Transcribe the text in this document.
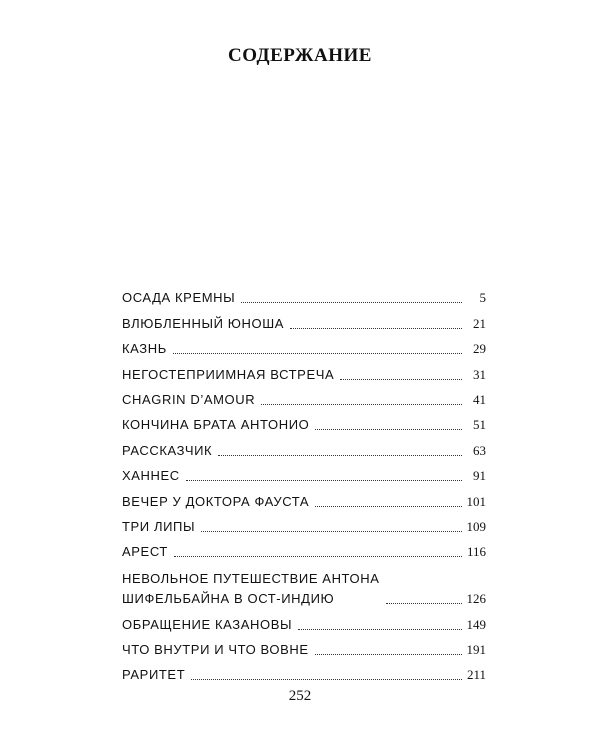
СОДЕРЖАНИЕ
ОСАДА КРЕМНЫ	5
ВЛЮБЛЕННЫЙ ЮНОША	21
КАЗНЬ	29
НЕГОСТЕПРИИМНАЯ ВСТРЕЧА	31
CHAGRIN D’AMOUR	41
КОНЧИНА БРАТА АНТОНИО	51
РАССКАЗЧИК	63
ХАННЕС	91
ВЕЧЕР У ДОКТОРА ФАУСТА	101
ТРИ ЛИПЫ	109
АРЕСТ	116
НЕВОЛЬНОЕ ПУТЕШЕСТВИЕ АНТОНА
ШИФЕЛЬБАЙНА В ОСТ-ИНДИЮ	126
ОБРАЩЕНИЕ КАЗАНОВЫ	149
ЧТО ВНУТРИ И ЧТО ВОВНЕ	191
РАРИТЕТ	211
252
